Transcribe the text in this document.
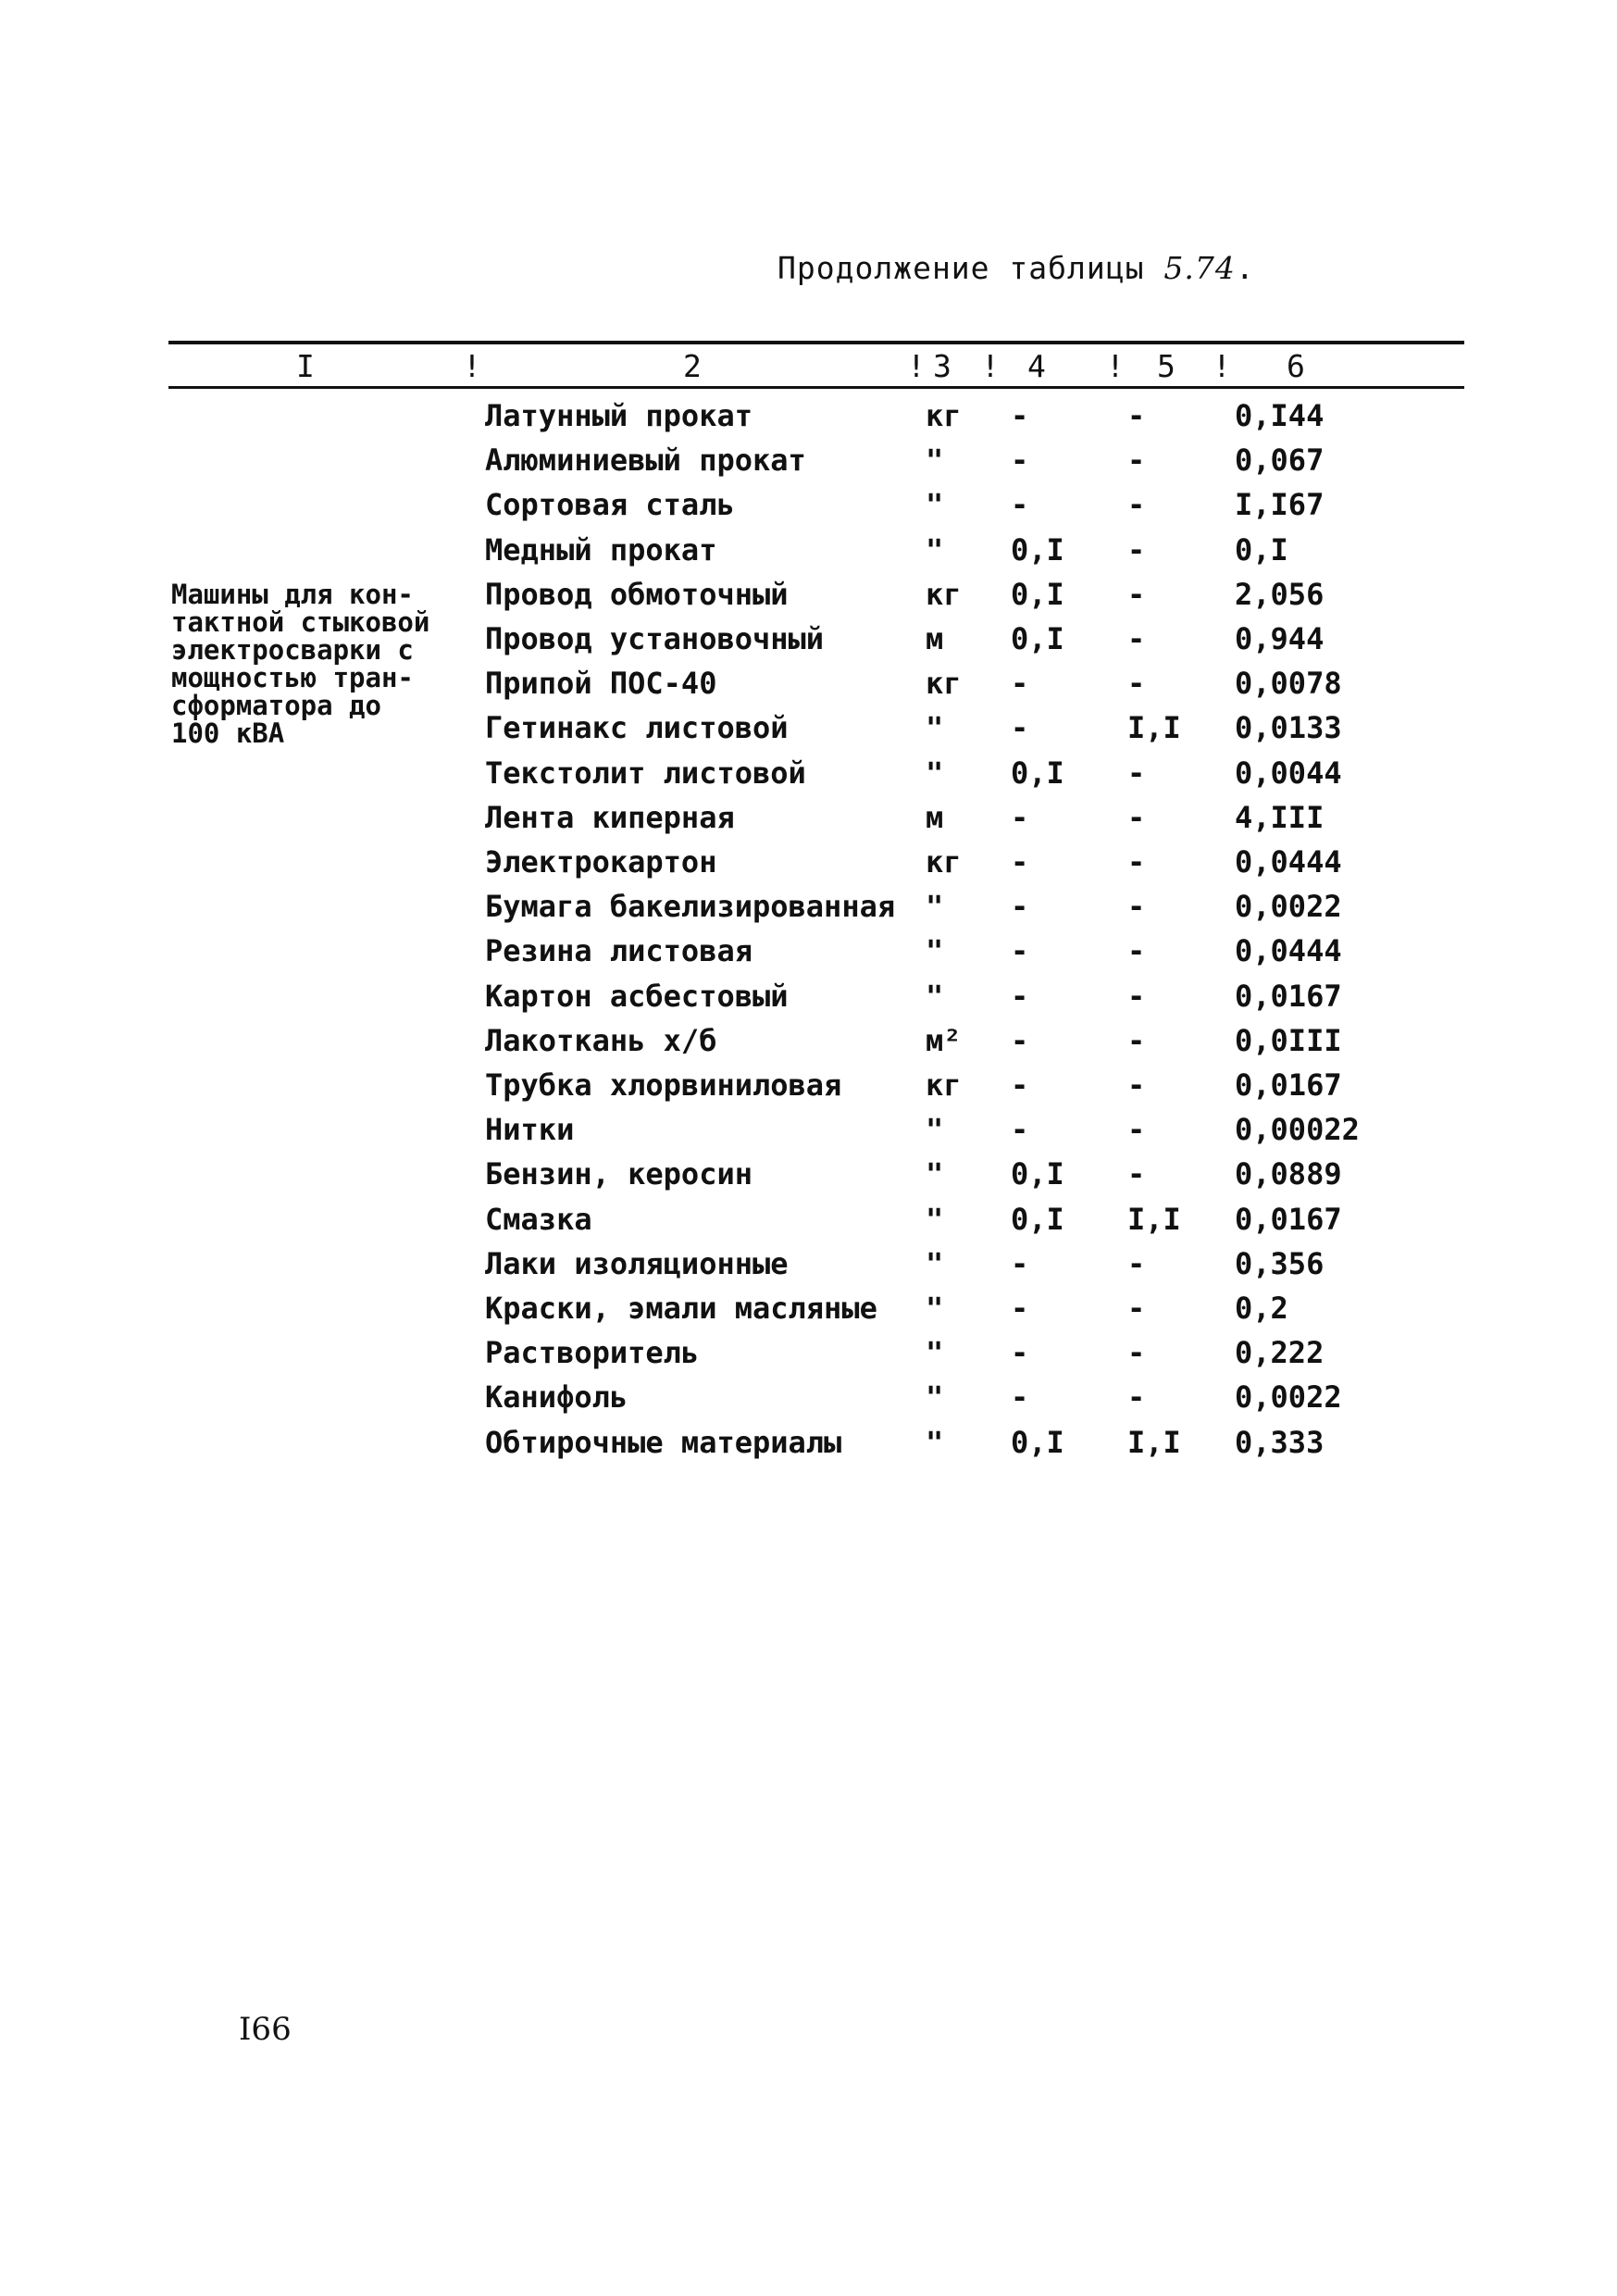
Продолжение таблицы 5.74.
I	!	2	! 3 ! 4 ! 5 ! 6
Машины для кон-
тактной стыковой
электросварки с
мощностью тран-
сформатора до
100 кВА
Латунный прокат	кг -	-	0,I44
Алюминиевый прокат	" -	-	0,067
Сортовая сталь	" -	-	I,I67
Медный прокат	" 0,I -	0,I
Провод обмоточный	кг 0,I -	2,056
Провод установочный	м 0,I -	0,944
Припой ПОС-40	кг -	-	0,0078
Гетинакс листовой	" -	I,I 0,0133
Текстолит листовой	" 0,I -	0,0044
Лента киперная	м -	-	4,III
Электрокартон	кг -	-	0,0444
Бумага бакелизированная " -	-	0,0022
Резина листовая	" -	-	0,0444
Картон асбестовый	" -	-	0,0167
Лакоткань х/б	м² -	-	0,0III
Трубка хлорвиниловая	кг -	-	0,0167
Нитки	" -	-	0,00022
Бензин, керосин	" 0,I -	0,0889
Смазка	" 0,I I,I 0,0167
Лаки изоляционные	" -	-	0,356
Краски, эмали масляные " -	-	0,2
Растворитель	" -	-	0,222
Канифоль	" -	-	0,0022
Обтирочные материалы	" 0,I I,I 0,333
I66
